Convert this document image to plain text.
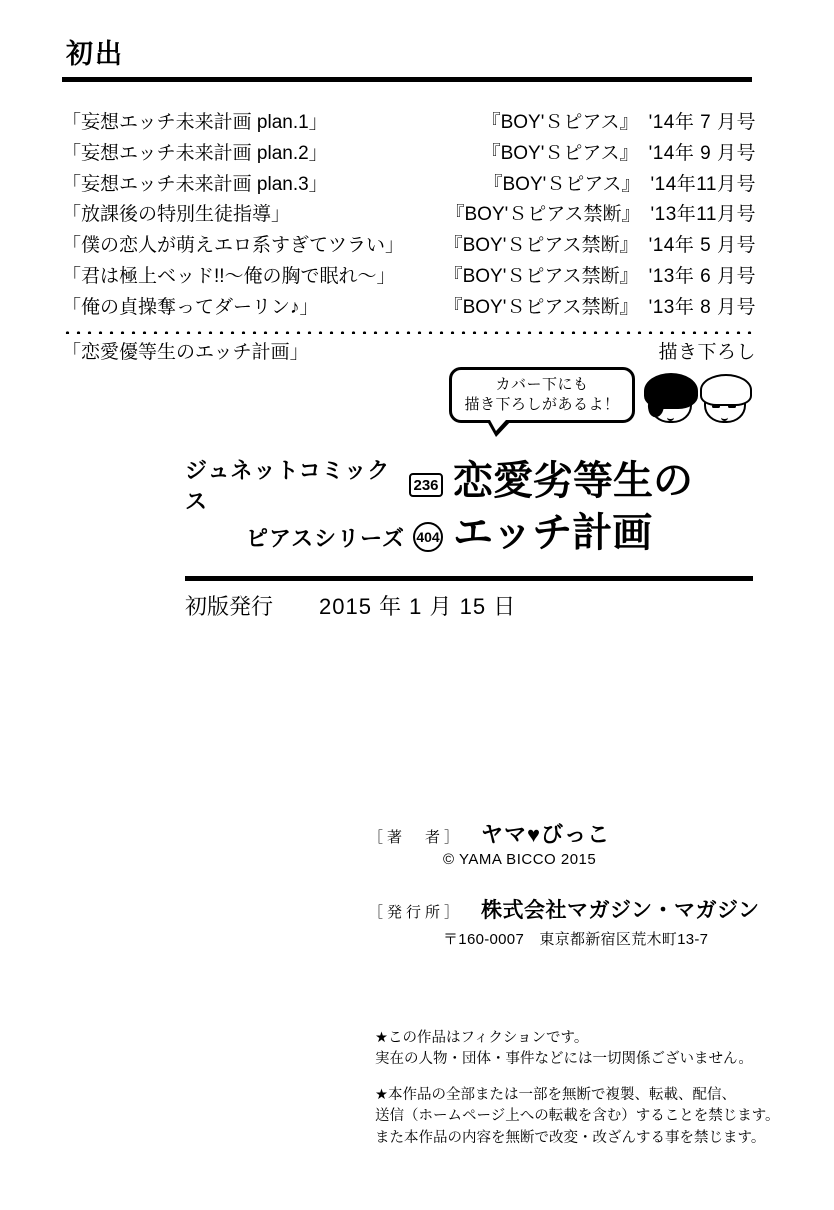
初出
「妄想エッチ未来計画 plan.1」	『BOY'Ｓピアス』 '14年 7 月号
「妄想エッチ未来計画 plan.2」	『BOY'Ｓピアス』 '14年 9 月号
「妄想エッチ未来計画 plan.3」	『BOY'Ｓピアス』 '14年11月号
「放課後の特別生徒指導」	『BOY'Ｓピアス禁断』 '13年11月号
「僕の恋人が萌えエロ系すぎてツラい」 『BOY'Ｓピアス禁断』 '14年 5 月号
「君は極上ベッド!!〜俺の胸で眠れ〜」	『BOY'Ｓピアス禁断』 '13年 6 月号
「俺の貞操奪ってダーリン♪」	『BOY'Ｓピアス禁断』 '13年 8 月号
「恋愛優等生のエッチ計画」	描き下ろし
カバー下にも
描き下ろしがあるよ！
ジュネットコミックス
236
ピアスシリーズ 404
恋愛劣等生の
エッチ計画
初版発行 2015 年 1 月 15 日
［著　者］ ヤマ♥びっこ
© YAMA BICCO 2015
［発行所］ 株式会社マガジン・マガジン
〒160-0007　東京都新宿区荒木町13-7
★この作品はフィクションです。
実在の人物・団体・事件などには一切関係ございません。
★本作品の全部または一部を無断で複製、転載、配信、
送信（ホームページ上への転載を含む）することを禁じます。
また本作品の内容を無断で改変・改ざんする事を禁じます。
